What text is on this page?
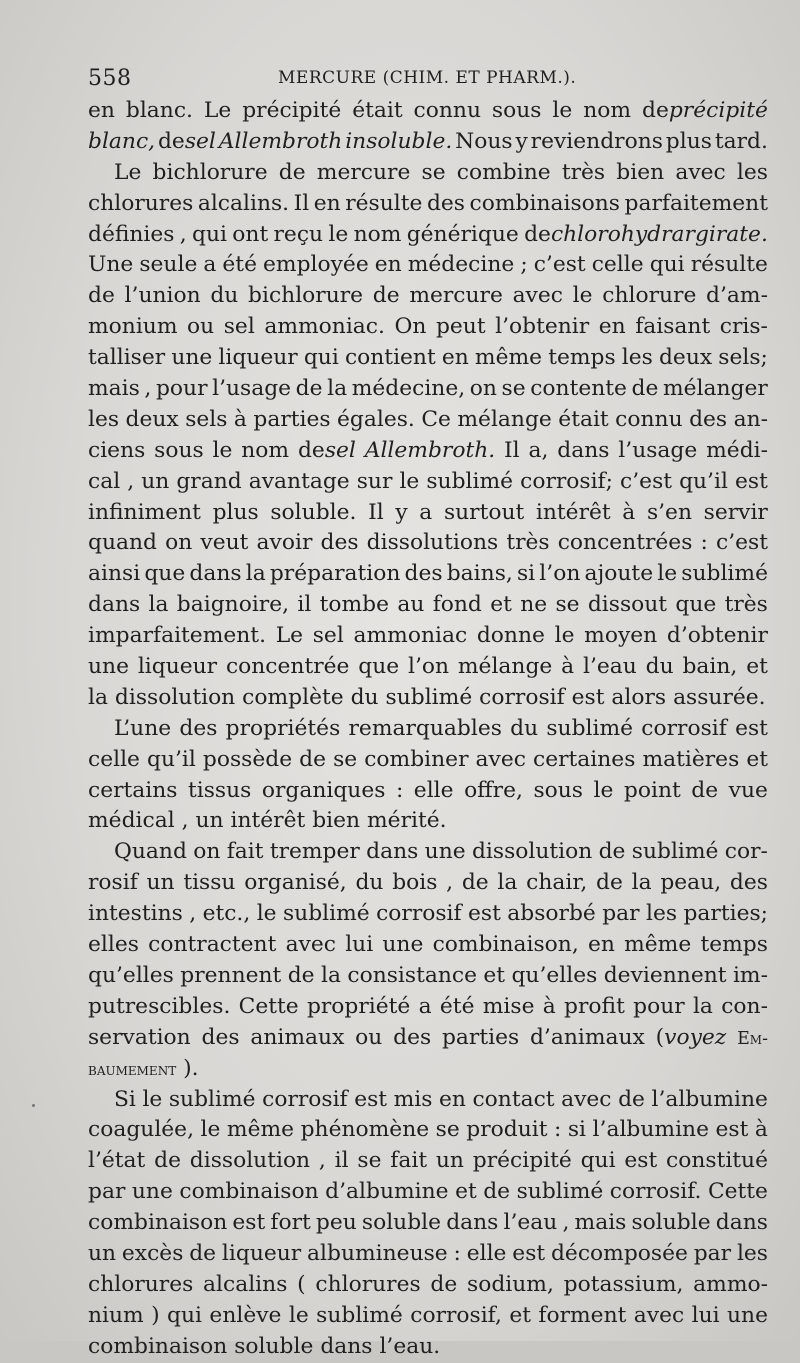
558	MERCURE (CHIM. ET PHARM.).
en blanc. Le précipité était connu sous le nom deprécipité
blanc, desel Allembroth insoluble. Nous y reviendrons plus tard.
Le bichlorure de mercure se combine très bien avec les
chlorures alcalins. Il en résulte des combinaisons parfaitement
définies , qui ont reçu le nom générique dechlorohydrargirate.
Une seule a été employée en médecine ; c’est celle qui résulte
de l’union du bichlorure de mercure avec le chlorure d’am-
monium ou sel ammoniac. On peut l’obtenir en faisant cris-
talliser une liqueur qui contient en même temps les deux sels;
mais , pour l’usage de la médecine, on se contente de mélanger
les deux sels à parties égales. Ce mélange était connu des an-
ciens sous le nom desel Allembroth. Il a, dans l’usage médi-
cal , un grand avantage sur le sublimé corrosif; c’est qu’il est
infiniment plus soluble. Il y a surtout intérêt à s’en servir
quand on veut avoir des dissolutions très concentrées : c’est
ainsi que dans la préparation des bains, si l’on ajoute le sublimé
dans la baignoire, il tombe au fond et ne se dissout que très
imparfaitement. Le sel ammoniac donne le moyen d’obtenir
une liqueur concentrée que l’on mélange à l’eau du bain, et
la
dissolution
complète
du
sublimé
corrosif
est
alors
assurée.

L’une des propriétés remarquables du sublimé corrosif est
celle qu’il possède de se combiner avec certaines matières et
certains tissus organiques : elle offre, sous le point de vue
médical
,
un
intérêt
bien
mérité.

Quand on fait tremper dans une dissolution de sublimé cor-
rosif un tissu organisé, du bois , de la chair, de la peau, des
intestins , etc., le sublimé corrosif est absorbé par les parties;
elles contractent avec lui une combinaison, en même temps
qu’elles prennent de la consistance et qu’elles deviennent im-
putrescibles. Cette propriété a été mise à profit pour la con-
servation des animaux ou des parties d’animaux (voyez Em-
baumement
).

Si le sublimé corrosif est mis en contact avec de l’albumine
coagulée, le même phénomène se produit : si l’albumine est à
l’état de dissolution , il se fait un précipité qui est constitué
par une combinaison d’albumine et de sublimé corrosif. Cette
combinaison est fort peu soluble dans l’eau , mais soluble dans
un excès de liqueur albumineuse : elle est décomposée par les
chlorures alcalins ( chlorures de sodium, potassium, ammo-
nium ) qui enlève le sublimé corrosif, et forment avec lui une
combinaison
soluble
dans
l’eau.
